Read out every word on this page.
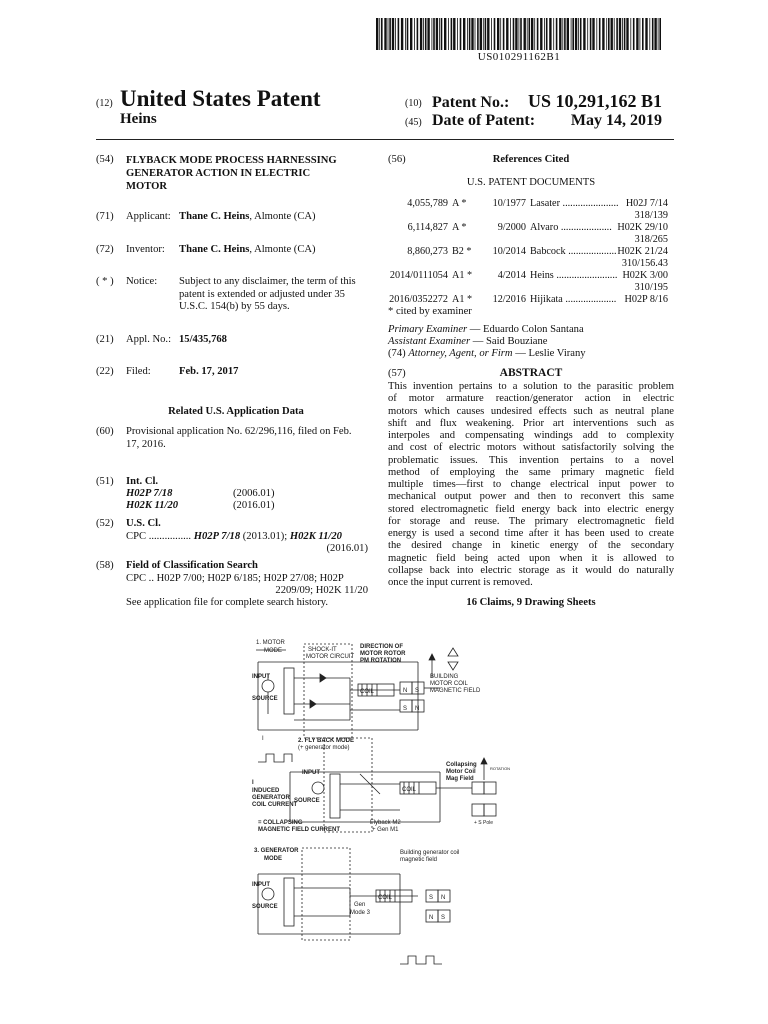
US010291162B1
(12) United States Patent
Heins
(10) Patent No.: US 10,291,162 B1
(45) Date of Patent:	May 14, 2019
(54) FLYBACK MODE PROCESS HARNESSING
GENERATOR ACTION IN ELECTRIC
MOTOR
(71) Applicant: Thane C. Heins, Almonte (CA)
(72) Inventor: Thane C. Heins, Almonte (CA)
( * ) Notice: Subject to any disclaimer, the term of this
patent is extended or adjusted under 35
U.S.C. 154(b) by 55 days.
(21) Appl. No.: 15/435,768
(22) Filed:	Feb. 17, 2017
Related U.S. Application Data
(60) Provisional application No. 62/296,116, filed on Feb.
17, 2016.
(51) Int. Cl.
H02P 7/18	(2006.01)
H02K 11/20	(2016.01)
(52) U.S. Cl.
CPC ................ H02P 7/18 (2013.01); H02K 11/20
(2016.01)
(58) Field of Classification Search
CPC .. H02P 7/00; H02P 6/185; H02P 27/08; H02P
2209/09; H02K 11/20
See application file for complete search history.
(56)	References Cited
U.S. PATENT DOCUMENTS
4,055,789 A *	10/1977 Lasater ...................... H02J 7/14
318/139
6,114,827 A *	9/2000 Alvaro .................... H02K 29/10
318/265
8,860,273 B2 *	10/2014 Babcock ................... H02K 21/24
310/156.43
2014/0111054 A1 *	4/2014 Heins ........................ H02K 3/00
310/195
2016/0352272 A1 *	12/2016 Hijikata .................... H02P 8/16
* cited by examiner
Primary Examiner — Eduardo Colon Santana
Assistant Examiner — Said Bouziane
(74) Attorney, Agent, or Firm — Leslie Virany
(57)	ABSTRACT
This invention pertains to a solution to the parasitic problem
of motor armature reaction/generator action in electric
motors which causes undesired effects such as neutral plane
shift and flux weakening. Prior art interventions such as
interpoles and compensating windings add to complexity
and cost of electric motors without satisfactorily solving the
problematic issues. This invention pertains to a novel
method of employing the same primary magnetic field
multiple times—first to change electrical input power to
mechanical output power and then to reconvert this same
stored electromagnetic field energy back into electric energy
for storage and reuse. The primary electromagnetic field
energy is used a second time after it has been used to create
the desired change in kinetic energy of the secondary
magnetic field being acted upon when it is allowed to
collapse back into electric storage as it would do naturally
once the input current is removed.
16 Claims, 9 Drawing Sheets
1. MOTOR
MODE	SHOCK-IT
MOTOR CIRCUIT
DIRECTION OF
MOTOR ROTOR
PM ROTATION
BUILDING
MOTOR COIL
MAGNETIC FIELD
INPUT
SOURCE
COIL	N S
S N
I	2. FLY BACK MODE
(+ generator mode)
Collapsing
Motor Coil
Mag Field
ROTATION
Flyback M2
+ Gen M1
INPUT
SOURCE
I
INDUCED
GENERATOR
COIL CURRENT
= COLLAPSING
MAGNETIC FIELD CURRENT
+ S Pole
COIL
3. GENERATOR
MODE
Building generator coil
magnetic field
Gen
Mode 3
INPUT
SOURCE
COIL	S N
N S
